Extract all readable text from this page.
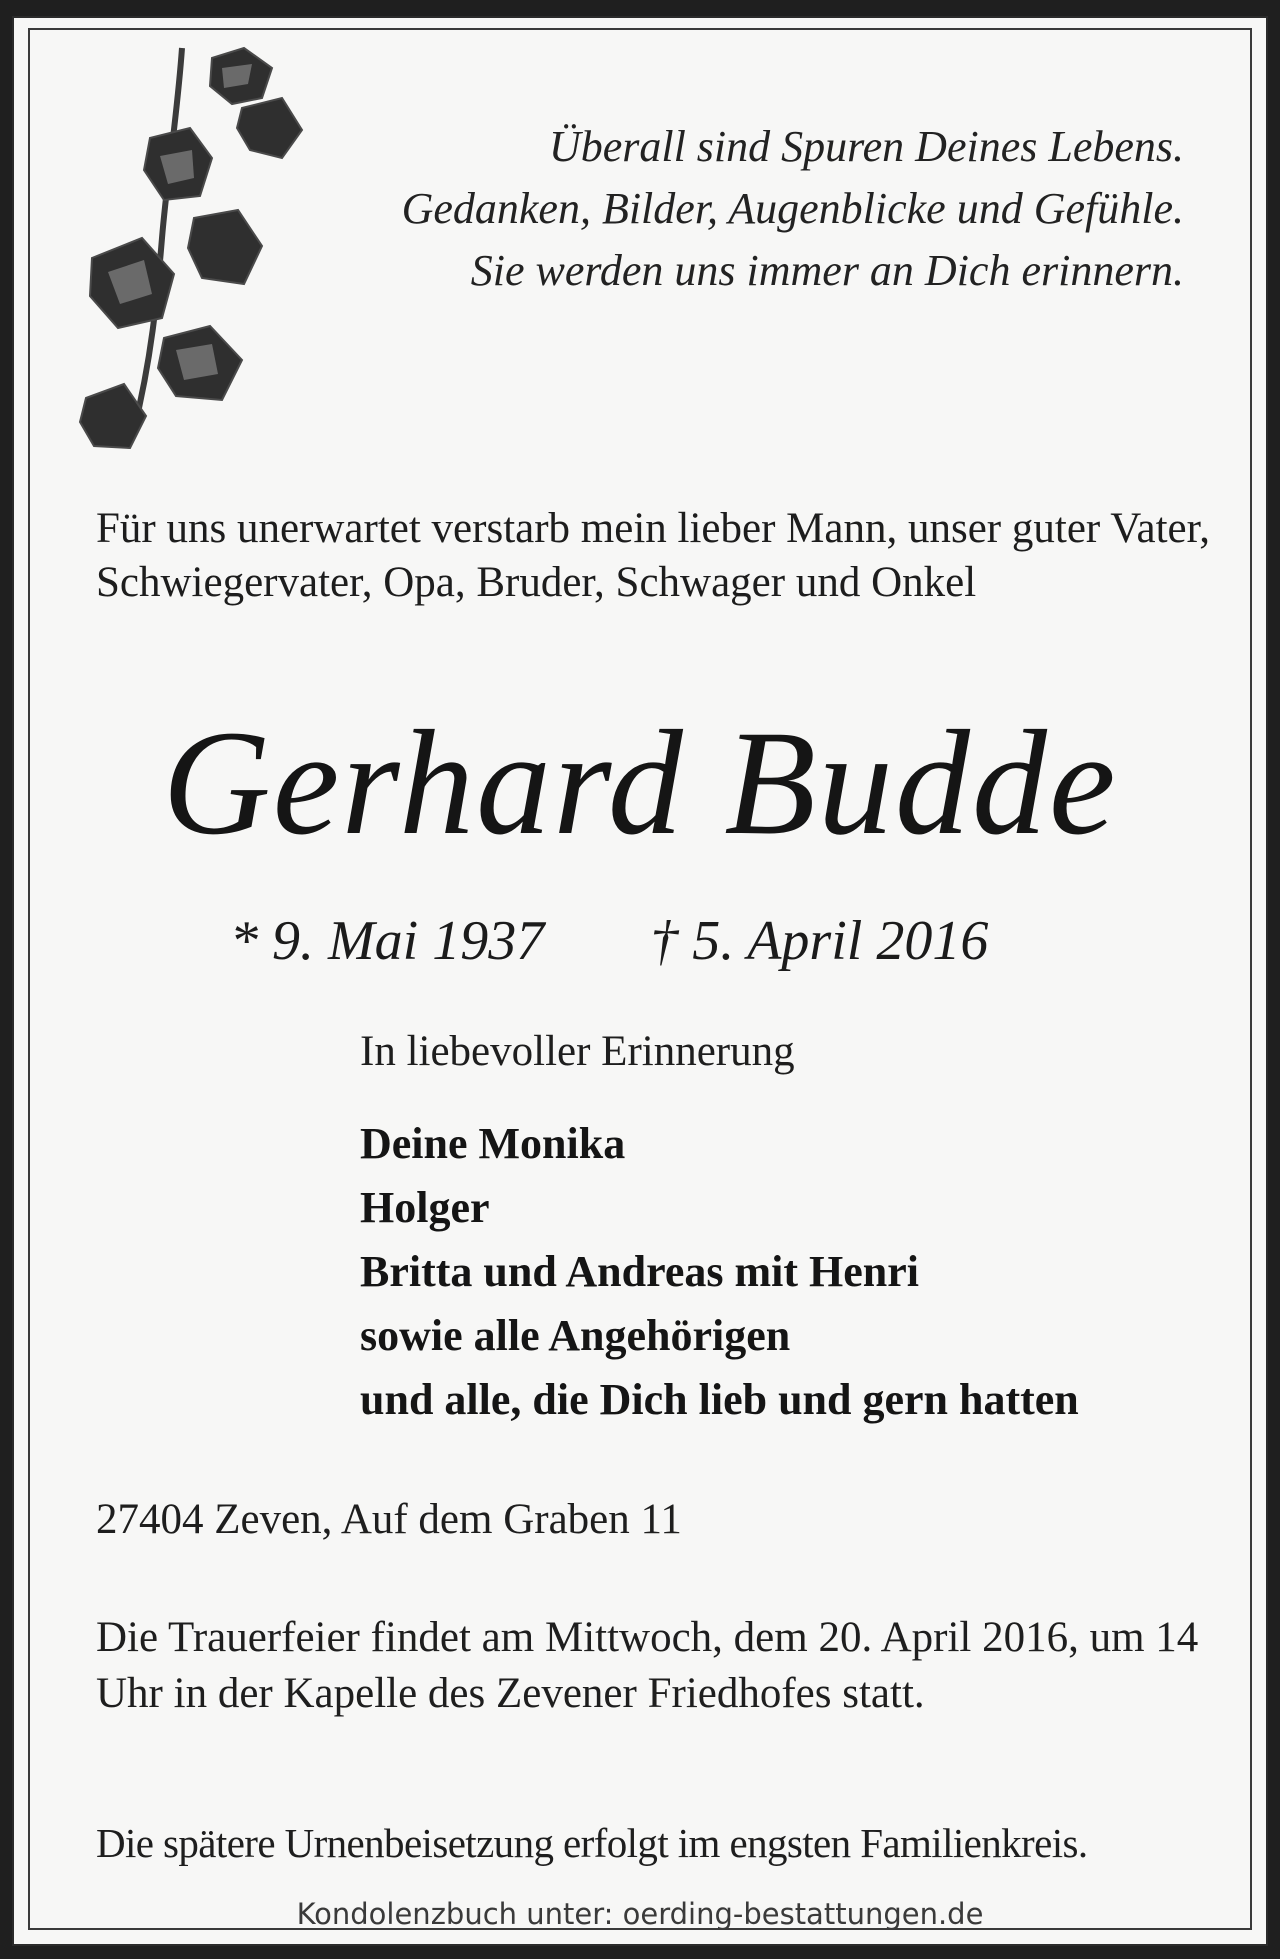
Überall sind Spuren Deines Lebens.
Gedanken, Bilder, Augenblicke und Gefühle.
Sie werden uns immer an Dich erinnern.
Für uns unerwartet verstarb mein lieber Mann, unser guter Vater, Schwiegervater, Opa, Bruder, Schwager und Onkel
Gerhard Budde
* 9. Mai 1937 † 5. April 2016
In liebevoller Erinnerung
Deine Monika
Holger
Britta und Andreas mit Henri
sowie alle Angehörigen
und alle, die Dich lieb und gern hatten
27404 Zeven, Auf dem Graben 11
Die Trauerfeier findet am Mittwoch, dem 20. April 2016, um 14 Uhr in der Kapelle des Zevener Friedhofes statt.
Die spätere Urnenbeisetzung erfolgt im engsten Familienkreis.
Kondolenzbuch unter: oerding-bestattungen.de
